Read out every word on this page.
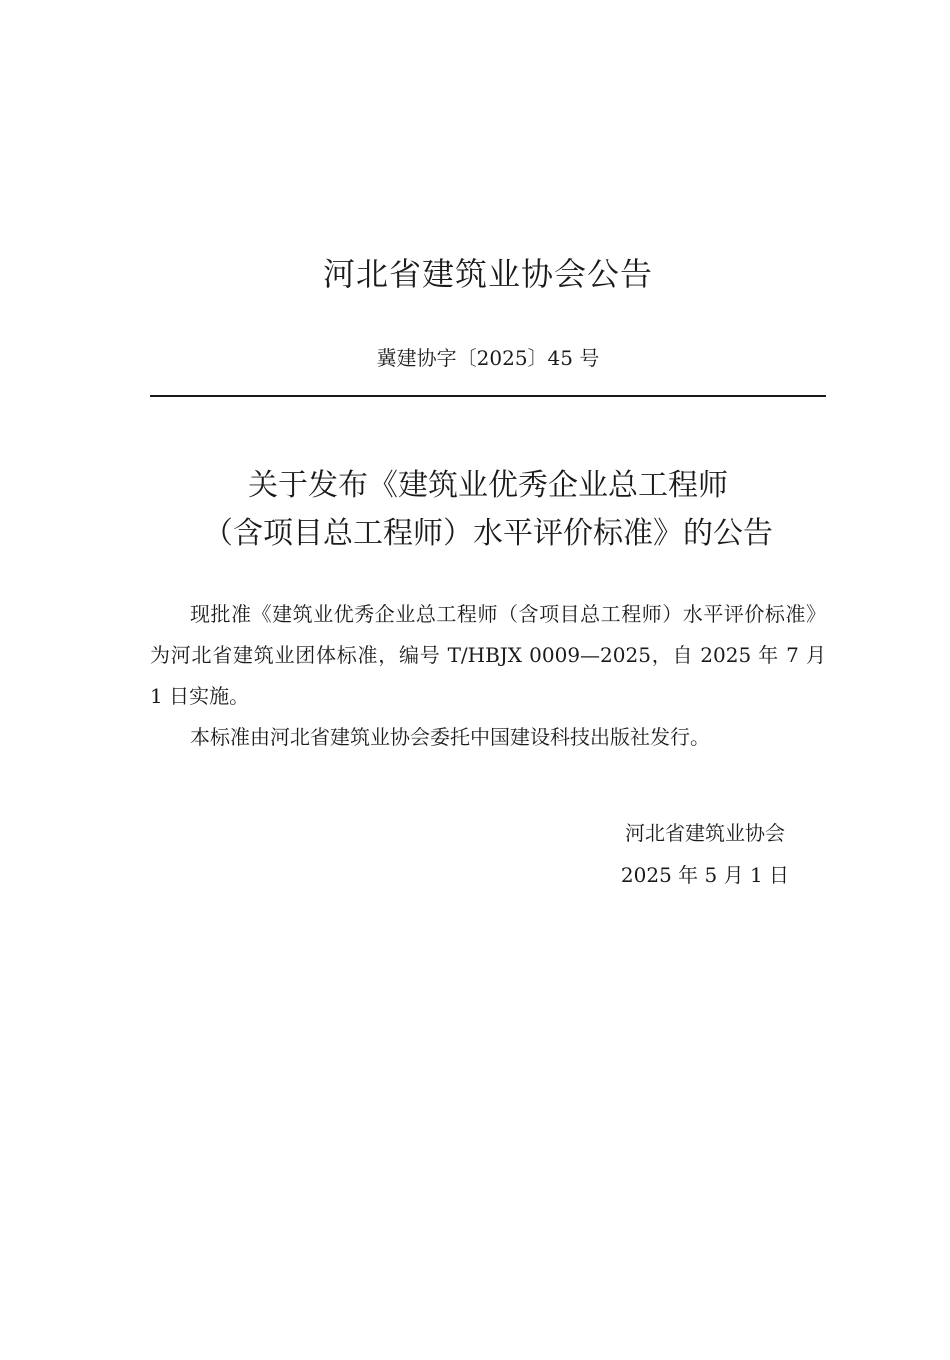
河北省建筑业协会公告
冀建协字〔2025〕45 号
关于发布《建筑业优秀企业总工程师
（含项目总工程师）水平评价标准》的公告

现批准《建筑业优秀企业总工程师（含项目总工程师）水平评价标准》为河北省建筑业团体标准，编号 T/HBJX 0009—2025，自 2025 年 7 月 1 日实施。

本标准由河北省建筑业协会委托中国建设科技出版社发行。

河北省建筑业协会
2025 年 5 月 1 日
